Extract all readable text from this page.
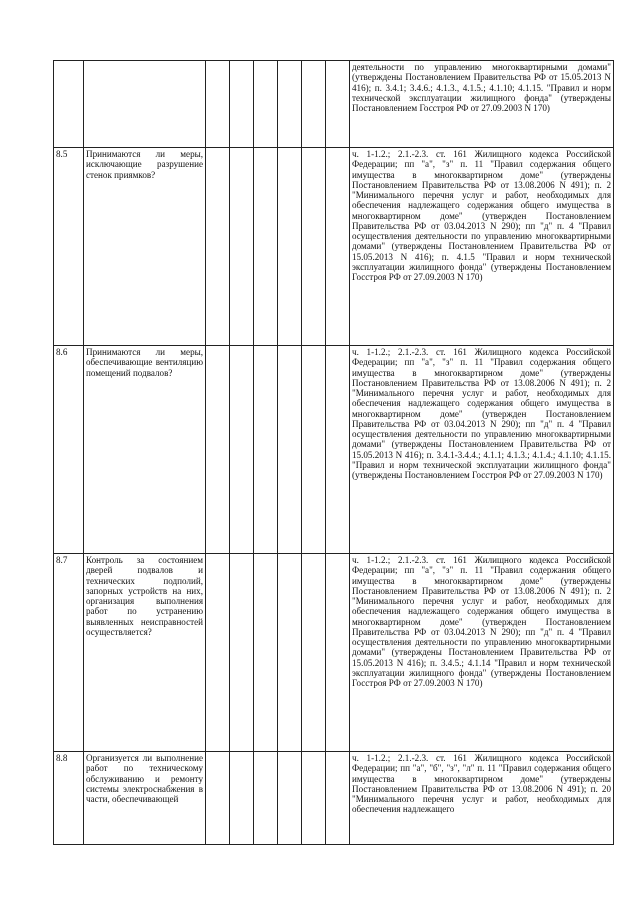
								деятельности по управлению многоквартирными домами" (утверждены Постановлением Правительства РФ от 15.05.2013 N 416); п. 3.4.1; 3.4.6.; 4.1.3., 4.1.5.; 4.1.10; 4.1.15. "Правил и норм технической эксплуатации жилищного фонда" (утверждены Постановлением Госстроя РФ от 27.09.2003 N 170)
8.5	Принимаются ли меры, исключающие разрушение стенок приямков?							ч. 1-1.2.; 2.1.-2.3. ст. 161 Жилищного кодекса Российской Федерации; пп "а", "з" п. 11 "Правил содержания общего имущества в многоквартирном доме" (утверждены Постановлением Правительства РФ от 13.08.2006 N 491); п. 2 "Минимального перечня услуг и работ, необходимых для обеспечения надлежащего содержания общего имущества в многоквартирном доме" (утвержден Постановлением Правительства РФ от 03.04.2013 N 290); пп "д" п. 4 "Правил осуществления деятельности по управлению многоквартирными домами" (утверждены Постановлением Правительства РФ от 15.05.2013 N 416); п. 4.1.5 "Правил и норм технической эксплуатации жилищного фонда" (утверждены Постановлением Госстроя РФ от 27.09.2003 N 170)
8.6	Принимаются ли меры, обеспечивающие вентиляцию помещений подвалов?							ч. 1-1.2.; 2.1.-2.3. ст. 161 Жилищного кодекса Российской Федерации; пп "а", "з" п. 11 "Правил содержания общего имущества в многоквартирном доме" (утверждены Постановлением Правительства РФ от 13.08.2006 N 491); п. 2 "Минимального перечня услуг и работ, необходимых для обеспечения надлежащего содержания общего имущества в многоквартирном доме" (утвержден Постановлением Правительства РФ от 03.04.2013 N 290); пп "д" п. 4 "Правил осуществления деятельности по управлению многоквартирными домами" (утверждены Постановлением Правительства РФ от 15.05.2013 N 416); п. 3.4.1-3.4.4.; 4.1.1; 4.1.3.; 4.1.4.; 4.1.10; 4.1.15. "Правил и норм технической эксплуатации жилищного фонда" (утверждены Постановлением Госстроя РФ от 27.09.2003 N 170)
8.7	Контроль за состоянием дверей подвалов и технических подполий, запорных устройств на них, организация выполнения работ по устранению выявленных неисправностей осуществляется?							ч. 1-1.2.; 2.1.-2.3. ст. 161 Жилищного кодекса Российской Федерации; пп "а", "з" п. 11 "Правил содержания общего имущества в многоквартирном доме" (утверждены Постановлением Правительства РФ от 13.08.2006 N 491); п. 2 "Минимального перечня услуг и работ, необходимых для обеспечения надлежащего содержания общего имущества в многоквартирном доме" (утвержден Постановлением Правительства РФ от 03.04.2013 N 290); пп "д" п. 4 "Правил осуществления деятельности по управлению многоквартирными домами" (утверждены Постановлением Правительства РФ от 15.05.2013 N 416); п. 3.4.5.; 4.1.14 "Правил и норм технической эксплуатации жилищного фонда" (утверждены Постановлением Госстроя РФ от 27.09.2003 N 170)
8.8	Организуется ли выполнение работ по техническому обслуживанию и ремонту системы электроснабжения в части, обеспечивающей							ч. 1-1.2.; 2.1.-2.3. ст. 161 Жилищного кодекса Российской Федерации; пп "а", "б", "з", "л" п. 11 "Правил содержания общего имущества в многоквартирном доме" (утверждены Постановлением Правительства РФ от 13.08.2006 N 491); п. 20 "Минимального перечня услуг и работ, необходимых для обеспечения надлежащего
